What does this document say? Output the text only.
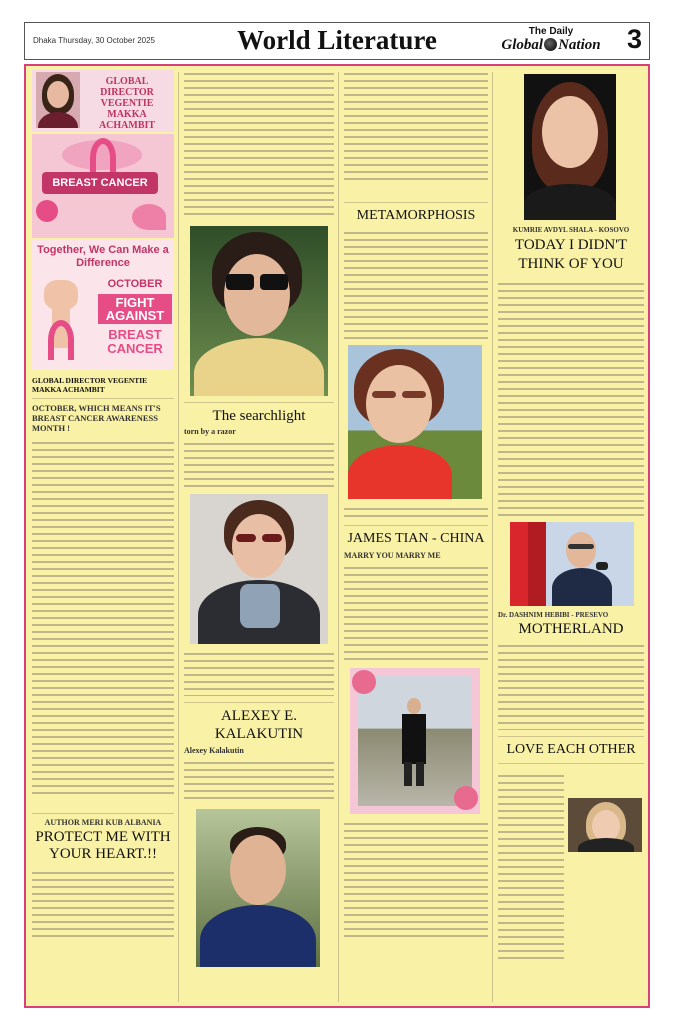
Dhaka Thursday, 30 October 2025	World Literature	The Daily
Global Nation 3
GLOBAL DIRECTOR VEGENTIE MAKKA ACHAMBIT
BREAST CANCER
Together, We Can Make a Difference
OCTOBER
FIGHT AGAINST
BREAST CANCER
GLOBAL DIRECTOR VEGENTIE MAKKA ACHAMBIT
OCTOBER, WHICH MEANS IT'S BREAST CANCER AWARENESS MONTH !
AUTHOR MERI KUB ALBANIA
PROTECT ME WITH YOUR HEART.!!
The searchlight
torn by a razor
ALEXEY E. KALAKUTIN
Alexey Kalakutin
METAMORPHOSIS
JAMES TIAN - CHINA
MARRY YOU MARRY ME
KUMRIE AVDYL SHALA - KOSOVO
TODAY I DIDN'T THINK OF YOU
Dr. DASHNIM HEBIBI - PRESEVO
MOTHERLAND
LOVE EACH OTHER
